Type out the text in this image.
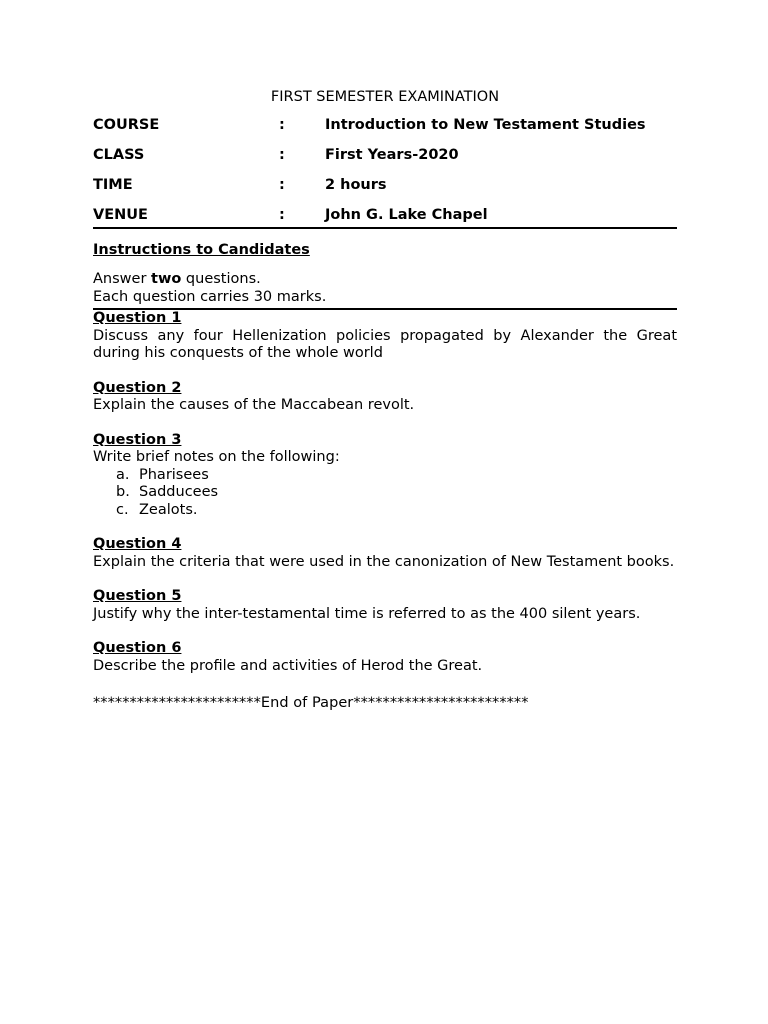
FIRST SEMESTER EXAMINATION
COURSE	:	Introduction to New Testament Studies
CLASS	:	First Years-2020
TIME	:	2 hours
VENUE	:	John G. Lake Chapel
Instructions to Candidates
Answer two questions.
Each question carries 30 marks.
Question 1
Discuss any four Hellenization policies propagated by Alexander the Great during his conquests of the whole world
Question 2
Explain the causes of the Maccabean revolt.
Question 3
Write brief notes on the following:
a. Pharisees
b. Sadducees
c. Zealots.
Question 4
Explain the criteria that were used in the canonization of New Testament books.
Question 5
Justify why the inter-testamental time is referred to as the 400 silent years.
Question 6
Describe the profile and activities of Herod the Great.
***********************End of Paper************************
